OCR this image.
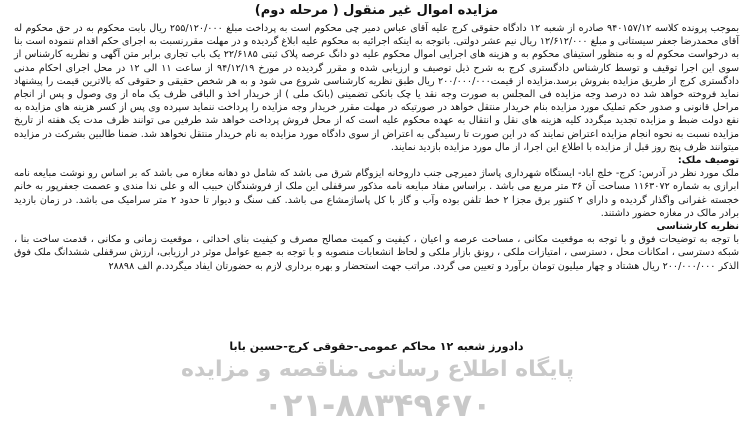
مزایده اموال غیر منقول ( مرحله دوم)

بموجب پرونده کلاسه ۹۴۰۱۵۷/۱۲ صادره از شعبه ۱۲ دادگاه حقوقی کرج علیه آقای عباس دمیر چی محکوم است به پرداخت مبلغ ۲۵۵/۱۲۰/۰۰۰ ریال بابت محکوم به در حق محکوم له آقای محمدرضا جعفر سیستانی و مبلغ ۱۲/۶۱۲/۰۰۰ ریال نیم عشر دولتی. باتوجه به اینکه اجرائیه به محکوم علیه ابلاغ گردیده و در مهلت مقررنسبت به اجرای حکم اقدام ننموده است بنا به درخواست محکوم له و به منظور استیفای محکوم به و هزینه های اجرایی اموال محکوم علیه دو دانگ عرصه پلاک ثبتی ۲۲/۶۱۸۵ یک باب تجاری برابر متن آگهی و نظریه کارشناس از سوی این اجرا توقیف و توسط کارشناس دادگستری کرج به شرح ذیل توصیف و ارزیابی شده و مقرر گردیده در مورخ ۹۴/۱۲/۱۹ از ساعت ۱۱ الی ۱۲ در محل اجرای احکام مدنی دادگستری کرج از طریق مزایده بفروش برسد.مزایده از قیمت۲۰۰/۰۰۰/۰۰۰ ریال طبق نظریه کارشناسی شروع می شود و به هر شخص حقیقی و حقوقی که بالاترین قیمت را پیشنهاد نماید فروخته خواهد شد ده درصد وجه مزایده فی المجلس به صورت وجه نقد یا چک بانکی تضمینی (بانک ملی ) از خریدار اخذ و الباقی ظرف یک ماه از وی وصول و پس از انجام مراحل قانونی و صدور حکم تملیک مورد مزایده بنام خریدار منتقل خواهد در صورتیکه در مهلت مقرر خریدار وجه مزایده را پرداخت ننماید سپرده وی پس از کسر هزینه های مزایده به نفع دولت ضبط و مزایده تجدید میگردد کلیه هزینه های نقل و انتقال به عهده محکوم علیه است که از محل فروش پرداخت خواهد شد طرفین می توانند ظرف مدت یک هفته از تاریخ مزایده نسبت به نحوه انجام مزایده اعتراض نمایند که در این صورت تا رسیدگی به اعتراض از سوی دادگاه مورد مزایده به نام خریدار منتقل نخواهد شد. ضمنا طالبین بشرکت در مزایده میتوانند ظرف پنج روز قبل از مزایده با اطلاع این اجرا، از مال مورد مزایده بازدید نمایند.

توصیف ملک:

ملک مورد نظر در آدرس: کرج- خلج اباد- ایستگاه شهرداری پاساژ دمیرچی جنب داروخانه ایزوگام شرق می باشد که شامل دو دهانه مغازه می باشد که بر اساس رو نوشت مبایعه نامه ابرازی به شماره ۱۱۶۳۰۷۲ مساحت آن ۳۶ متر مربع می باشد . براساس مفاد مبایعه نامه مذکور سرقفلی این ملک از فروشندگان حبیب اله و علی ندا مندی و عصمت جعفرپور به خانم خجسته غفرانی واگذار گردیده و دارای ۲ کنتور برق مجزا ۲ خط تلفن بوده وآب و گاز با کل پاساژمشاع می باشد. کف سنگ و دیوار تا حدود ۲ متر سرامیک می باشد. در زمان بازدید برادر مالک در مغازه حضور داشتند.

نظریه کارشناسی

با توجه به توضیحات فوق و با توجه به موقعیت مکانی ، مساحت عرصه و اعیان ، کیفیت و کمیت مصالح مصرف و کیفیت بنای احداثی ، موقعیت زمانی و مکانی ، قدمت ساخت بنا ، شبکه دسترسی ، امکانات محل ، دسترسی ، امتیازات ملکی ، رونق بازار ملکی و لحاظ انشعابات منصوبه و با توجه به جمیع عوامل موثر در ارزیابی، ارزش سرقفلی ششدانگ ملک فوق الذکر ۲۰۰/۰۰۰/۰۰۰ ریال هشتاد و چهار میلیون تومان برآورد و تعیین می گردد. مراتب جهت استحضار و بهره برداری لازم به حضورتان ایفاد میگردد.م الف ۲۸۸۹۸

دادورز شعبه ۱۲ محاکم عمومی-حقوقی کرج-حسین بابا
پایگاه اطلاع رسانی مناقصه و مزایده
۰۲۱-۸۸۳۴۹۶۷۰
